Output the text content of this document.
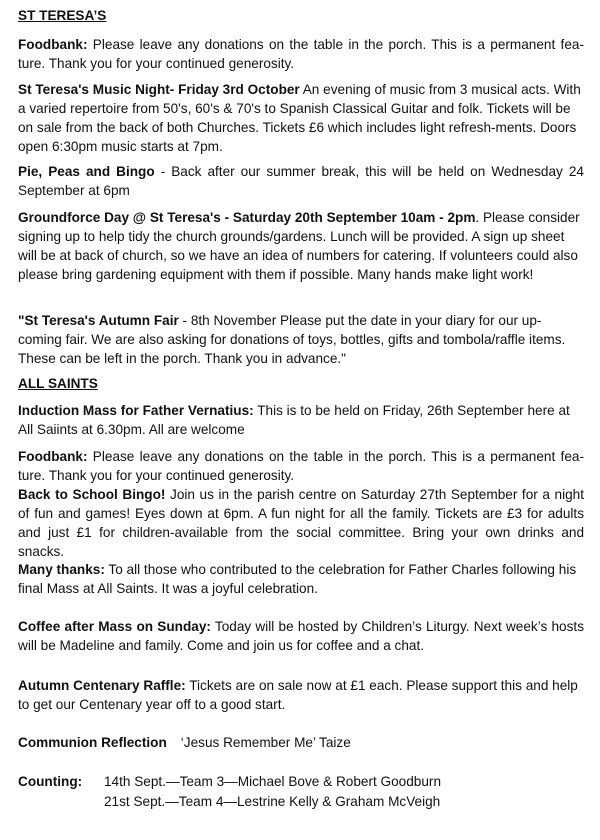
ST TERESA’S

Foodbank: Please leave any donations on the table in the porch. This is a permanent fea-ture. Thank you for your continued generosity.

St Teresa's Music Night- Friday 3rd October An evening of music from 3 musical acts. With a varied repertoire from 50's, 60's & 70's to Spanish Classical Guitar and folk. Tickets will be on sale from the back of both Churches. Tickets £6 which includes light refresh-ments. Doors open 6:30pm music starts at 7pm.

Pie, Peas and Bingo - Back after our summer break, this will be held on Wednesday 24 September at 6pm

Groundforce Day @ St Teresa's - Saturday 20th September 10am - 2pm. Please consider signing up to help tidy the church grounds/gardens. Lunch will be provided. A sign up sheet will be at back of church, so we have an idea of numbers for catering. If volunteers could also please bring gardening equipment with them if possible. Many hands make light work!

"St Teresa's Autumn Fair - 8th November Please put the date in your diary for our up-coming fair. We are also asking for donations of toys, bottles, gifts and tombola/raffle items. These can be left in the porch. Thank you in advance."

ALL SAINTS

Induction Mass for Father Vernatius: This is to be held on Friday, 26th September here at All Saiints at 6.30pm. All are welcome

Foodbank: Please leave any donations on the table in the porch. This is a permanent fea-ture. Thank you for your continued generosity.

Back to School Bingo! Join us in the parish centre on Saturday 27th September for a night of fun and games! Eyes down at 6pm. A fun night for all the family. Tickets are £3 for adults and just £1 for children-available from the social committee. Bring your own drinks and snacks.

Many thanks: To all those who contributed to the celebration for Father Charles following his final Mass at All Saints. It was a joyful celebration.

Coffee after Mass on Sunday: Today will be hosted by Children’s Liturgy. Next week’s hosts will be Madeline and family. Come and join us for coffee and a chat.

Autumn Centenary Raffle: Tickets are on sale now at £1 each. Please support this and help to get our Centenary year off to a good start.

Communion Reflection ‘Jesus Remember Me’ Taize

Counting: 14th Sept.—Team 3—Michael Bove & Robert Goodburn
21st Sept.—Team 4—Lestrine Kelly & Graham McVeigh
